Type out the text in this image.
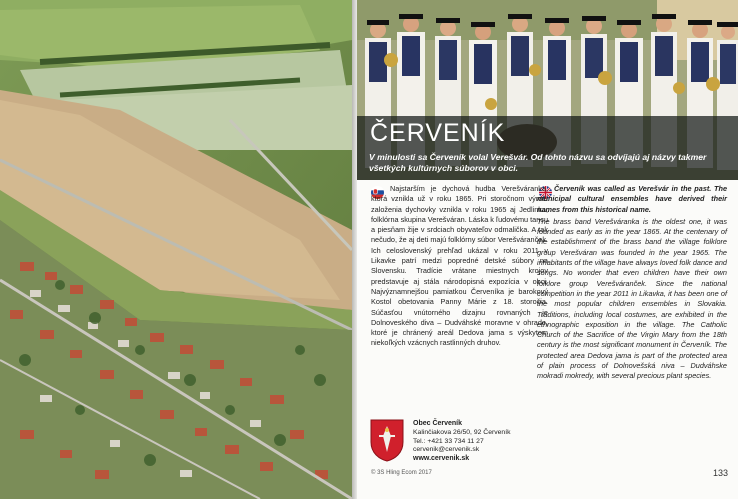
ČERVENÍK
V minulosti sa Červeník volal Verešvár. Od tohto názvu sa odvíjajú aj názvy takmer všetkých kultúrnych súborov v obci.

Najstarším je dychová hudba Verešváranka, ktorá vznikla už v roku 1865. Pri storočnom výročí založenia dychovky vznikla v roku 1965 aj Jedlinka, folklórna skupina Verešváran. Láska k ľudovému tancu a piesňam žije v srdciach obyvateľov odmalička. A tak nečudo, že aj deti majú folklórny súbor Verešváranček. Ich celoslovenský prehľad ukázal v roku 2011 v Likavke patrí medzi popredné detské súbory na Slovensku. Tradície vrátane miestnych krojov predstavuje aj stála národopisná expozícia v obci. Najvýznamnejšou pamiatkou Červeníka je barokový Kostol obetovania Panny Márie z 18. storočia. Súčasťou vnútorného dizajnu rovnaných je Dolnoveského diva – Dudváhské moravne v ohrade, ktoré je chránený areál Dedova jama s výskytom niekoľkých vzácnych rastlinných druhov.

Červeník was called as Verešvár in the past. The municipal cultural ensembles have derived their names from this historical name.

The brass band Verešváranka is the oldest one, it was founded as early as in the year 1865. At the centenary of the establishment of the brass band the village folklore group Verešváran was founded in the year 1965. The inhabitants of the village have always loved folk dance and songs. No wonder that even children have their own folklore group Verešváranček. Since the national competition in the year 2011 in Likavka, it has been one of the most popular children ensembles in Slovakia. Traditions, including local costumes, are exhibited in the ethnographic exposition in the village. The Catholic Church of the Sacrifice of the Virgin Mary from the 18th century is the most significant monument in Červeník. The protected area Dedova jama is part of the protected area of plain process of Dolnovešská niva – Dudváhske mokradi mokredy, with several precious plant species.

Obec Červeník
Kalinčiakova 26/50, 92 Červeník
Tel.: +421 33 734 11 27
cervenik@cervenik.sk
www.cervenik.sk
© 3S Hling Ecom 2017	133
